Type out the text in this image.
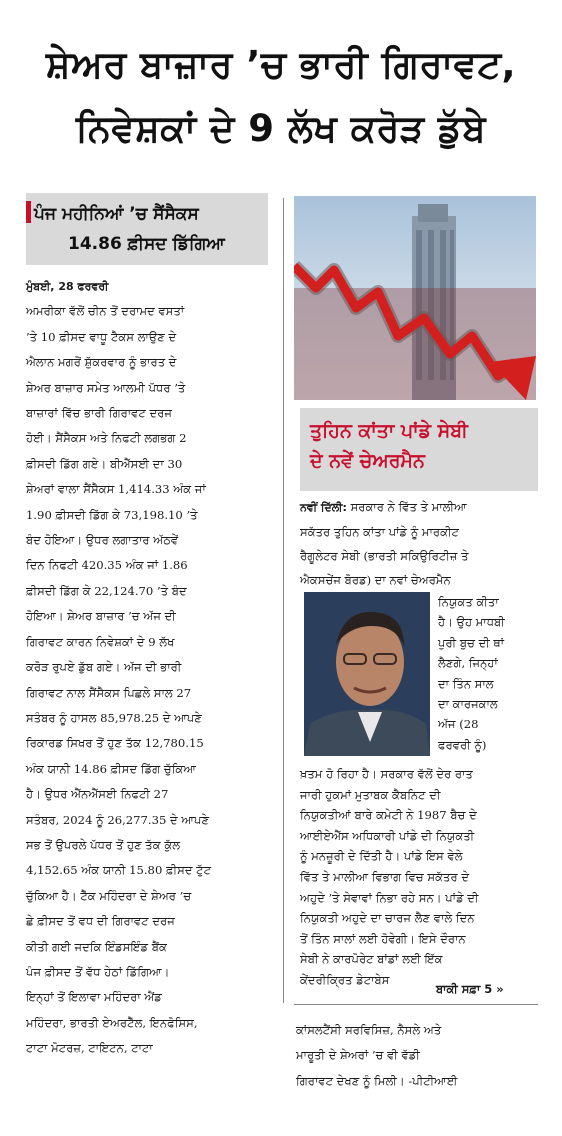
ਸ਼ੇਅਰ ਬਾਜ਼ਾਰ ’ਚ ਭਾਰੀ ਗਿਰਾਵਟ,
ਨਿਵੇਸ਼ਕਾਂ ਦੇ 9 ਲੱਖ ਕਰੋੜ ਡੁੱਬੇ
ਪੰਜ ਮਹੀਨਿਆਂ ’ਚ ਸੈਂਸੈਕਸ
14.86 ਫ਼ੀਸਦ ਡਿੱਗਿਆ
ਮੁੰਬਈ, 28 ਫਰਵਰੀ
ਅਮਰੀਕਾ ਵੱਲੋਂ ਚੀਨ ਤੋਂ ਦਰਾਮਦ ਵਸਤਾਂ
’ਤੇ 10 ਫ਼ੀਸਦ ਵਾਧੂ ਟੈਕਸ ਲਾਉਣ ਦੇ
ਐਲਾਨ ਮਗਰੋਂ ਸ਼ੁੱਕਰਵਾਰ ਨੂੰ ਭਾਰਤ ਦੇ
ਸ਼ੇਅਰ ਬਾਜ਼ਾਰ ਸਮੇਤ ਆਲਮੀ ਪੱਧਰ ’ਤੇ
ਬਾਜ਼ਾਰਾਂ ਵਿੱਚ ਭਾਰੀ ਗਿਰਾਵਟ ਦਰਜ
ਹੋਈ। ਸੈਂਸੈਕਸ ਅਤੇ ਨਿਫਟੀ ਲਗਭਗ 2
ਫ਼ੀਸਦੀ ਡਿੱਗ ਗਏ। ਬੀਐੱਸਈ ਦਾ 30
ਸ਼ੇਅਰਾਂ ਵਾਲਾ ਸੈਂਸੈਕਸ 1,414.33 ਅੰਕ ਜਾਂ
1.90 ਫ਼ੀਸਦੀ ਡਿੱਗ ਕੇ 73,198.10 ’ਤੇ
ਬੰਦ ਹੋਇਆ। ਉਧਰ ਲਗਾਤਾਰ ਅੱਠਵੇਂ
ਦਿਨ ਨਿਫਟੀ 420.35 ਅੰਕ ਜਾਂ 1.86
ਫ਼ੀਸਦੀ ਡਿੱਗ ਕੇ 22,124.70 ’ਤੇ ਬੰਦ
ਹੋਇਆ। ਸ਼ੇਅਰ ਬਾਜ਼ਾਰ ’ਚ ਅੱਜ ਦੀ
ਗਿਰਾਵਟ ਕਾਰਨ ਨਿਵੇਸ਼ਕਾਂ ਦੇ 9 ਲੱਖ
ਕਰੋੜ ਰੁਪਏ ਡੁੱਬ ਗਏ। ਅੱਜ ਦੀ ਭਾਰੀ
ਗਿਰਾਵਟ ਨਾਲ ਸੈਂਸੈਕਸ ਪਿਛਲੇ ਸਾਲ 27
ਸਤੰਬਰ ਨੂੰ ਹਾਸਲ 85,978.25 ਦੇ ਆਪਣੇ
ਰਿਕਾਰਡ ਸਿਖਰ ਤੋਂ ਹੁਣ ਤੱਕ 12,780.15
ਅੰਕ ਯਾਨੀ 14.86 ਫ਼ੀਸਦ ਡਿੱਗ ਚੁੱਕਿਆ
ਹੈ। ਉਧਰ ਐੱਨਐੱਸਈ ਨਿਫਟੀ 27
ਸਤੰਬਰ, 2024 ਨੂੰ 26,277.35 ਦੇ ਆਪਣੇ
ਸਭ ਤੋਂ ਉਪਰਲੇ ਪੱਧਰ ਤੋਂ ਹੁਣ ਤੱਕ ਕੁੱਲ
4,152.65 ਅੰਕ ਯਾਨੀ 15.80 ਫ਼ੀਸਦ ਟੁੱਟ
ਚੁੱਕਿਆ ਹੈ। ਟੈੱਕ ਮਹਿੰਦਰਾ ਦੇ ਸ਼ੇਅਰ ’ਚ
ਛੇ ਫ਼ੀਸਦ ਤੋਂ ਵਧ ਦੀ ਗਿਰਾਵਟ ਦਰਜ
ਕੀਤੀ ਗਈ ਜਦਕਿ ਇੰਡਸਇੰਡ ਬੈਂਕ
ਪੰਜ ਫ਼ੀਸਦ ਤੋਂ ਵੱਧ ਹੇਠਾਂ ਡਿੱਗਿਆ।
ਇਨ੍ਹਾਂ ਤੋਂ ਇਲਾਵਾ ਮਹਿੰਦਰਾ ਐਂਡ
ਮਹਿੰਦਰਾ, ਭਾਰਤੀ ਏਅਰਟੈੱਲ, ਇਨਫੋਸਿਸ,
ਟਾਟਾ ਮੋਟਰਜ਼, ਟਾਇਟਨ, ਟਾਟਾ
ਤੁਹਿਨ ਕਾਂਤਾ ਪਾਂਡੇ ਸੇਬੀ
ਦੇ ਨਵੇਂ ਚੇਅਰਮੈਨ
ਨਵੀਂ ਦਿੱਲੀ: ਸਰਕਾਰ ਨੇ ਵਿੱਤ ਤੇ ਮਾਲੀਆ
ਸਕੱਤਰ ਤੁਹਿਨ ਕਾਂਤਾ ਪਾਂਡੇ ਨੂੰ ਮਾਰਕੀਟ
ਰੈਗੂਲੇਟਰ ਸੇਬੀ (ਭਾਰਤੀ ਸਕਿਉਰਿਟੀਜ਼ ਤੇ
ਐਕਸਚੇਂਜ ਬੋਰਡ) ਦਾ ਨਵਾਂ ਚੇਅਰਮੈਨ
ਨਿਯੁਕਤ ਕੀਤਾ
ਹੈ। ਉਹ ਮਾਧਬੀ
ਪੁਰੀ ਬੁਚ ਦੀ ਥਾਂ
ਲੈਣਗੇ, ਜਿਨ੍ਹਾਂ
ਦਾ ਤਿੰਨ ਸਾਲ
ਦਾ ਕਾਰਜਕਾਲ
ਅੱਜ (28
ਫਰਵਰੀ ਨੂੰ)
ਖ਼ਤਮ ਹੋ ਰਿਹਾ ਹੈ। ਸਰਕਾਰ ਵੱਲੋਂ ਦੇਰ ਰਾਤ
ਜਾਰੀ ਹੁਕਮਾਂ ਮੁਤਾਬਕ ਕੈਬਨਿਟ ਦੀ
ਨਿਯੁਕਤੀਆਂ ਬਾਰੇ ਕਮੇਟੀ ਨੇ 1987 ਬੈਚ ਦੇ
ਆਈਏਐੱਸ ਅਧਿਕਾਰੀ ਪਾਂਡੇ ਦੀ ਨਿਯੁਕਤੀ
ਨੂੰ ਮਨਜ਼ੂਰੀ ਦੇ ਦਿੱਤੀ ਹੈ। ਪਾਂਡੇ ਇਸ ਵੇਲੇ
ਵਿੱਤ ਤੇ ਮਾਲੀਆ ਵਿਭਾਗ ਵਿਚ ਸਕੱਤਰ ਦੇ
ਅਹੁਦੇ ’ਤੇ ਸੇਵਾਵਾਂ ਨਿਭਾ ਰਹੇ ਸਨ। ਪਾਂਡੇ ਦੀ
ਨਿਯੁਕਤੀ ਅਹੁਦੇ ਦਾ ਚਾਰਜ ਲੈਣ ਵਾਲੇ ਦਿਨ
ਤੋਂ ਤਿੰਨ ਸਾਲਾਂ ਲਈ ਹੋਵੇਗੀ। ਇਸੇ ਦੌਰਾਨ
ਸੇਬੀ ਨੇ ਕਾਰਪੋਰੇਟ ਬਾਂਡਾਂ ਲਈ ਇੱਕ
ਕੇਂਦਰੀਕ੍ਰਿਤ ਡੇਟਾਬੇਸ
ਬਾਕੀ ਸਫ਼ਾ 5 »
ਕਾਂਸਲਟੈਂਸੀ ਸਰਵਿਸਿਜ਼, ਨੈਸਲੇ ਅਤੇ
ਮਾਰੂਤੀ ਦੇ ਸ਼ੇਅਰਾਂ ’ਚ ਵੀ ਵੱਡੀ
ਗਿਰਾਵਟ ਦੇਖਣ ਨੂੰ ਮਿਲੀ। -ਪੀਟੀਆਈ
